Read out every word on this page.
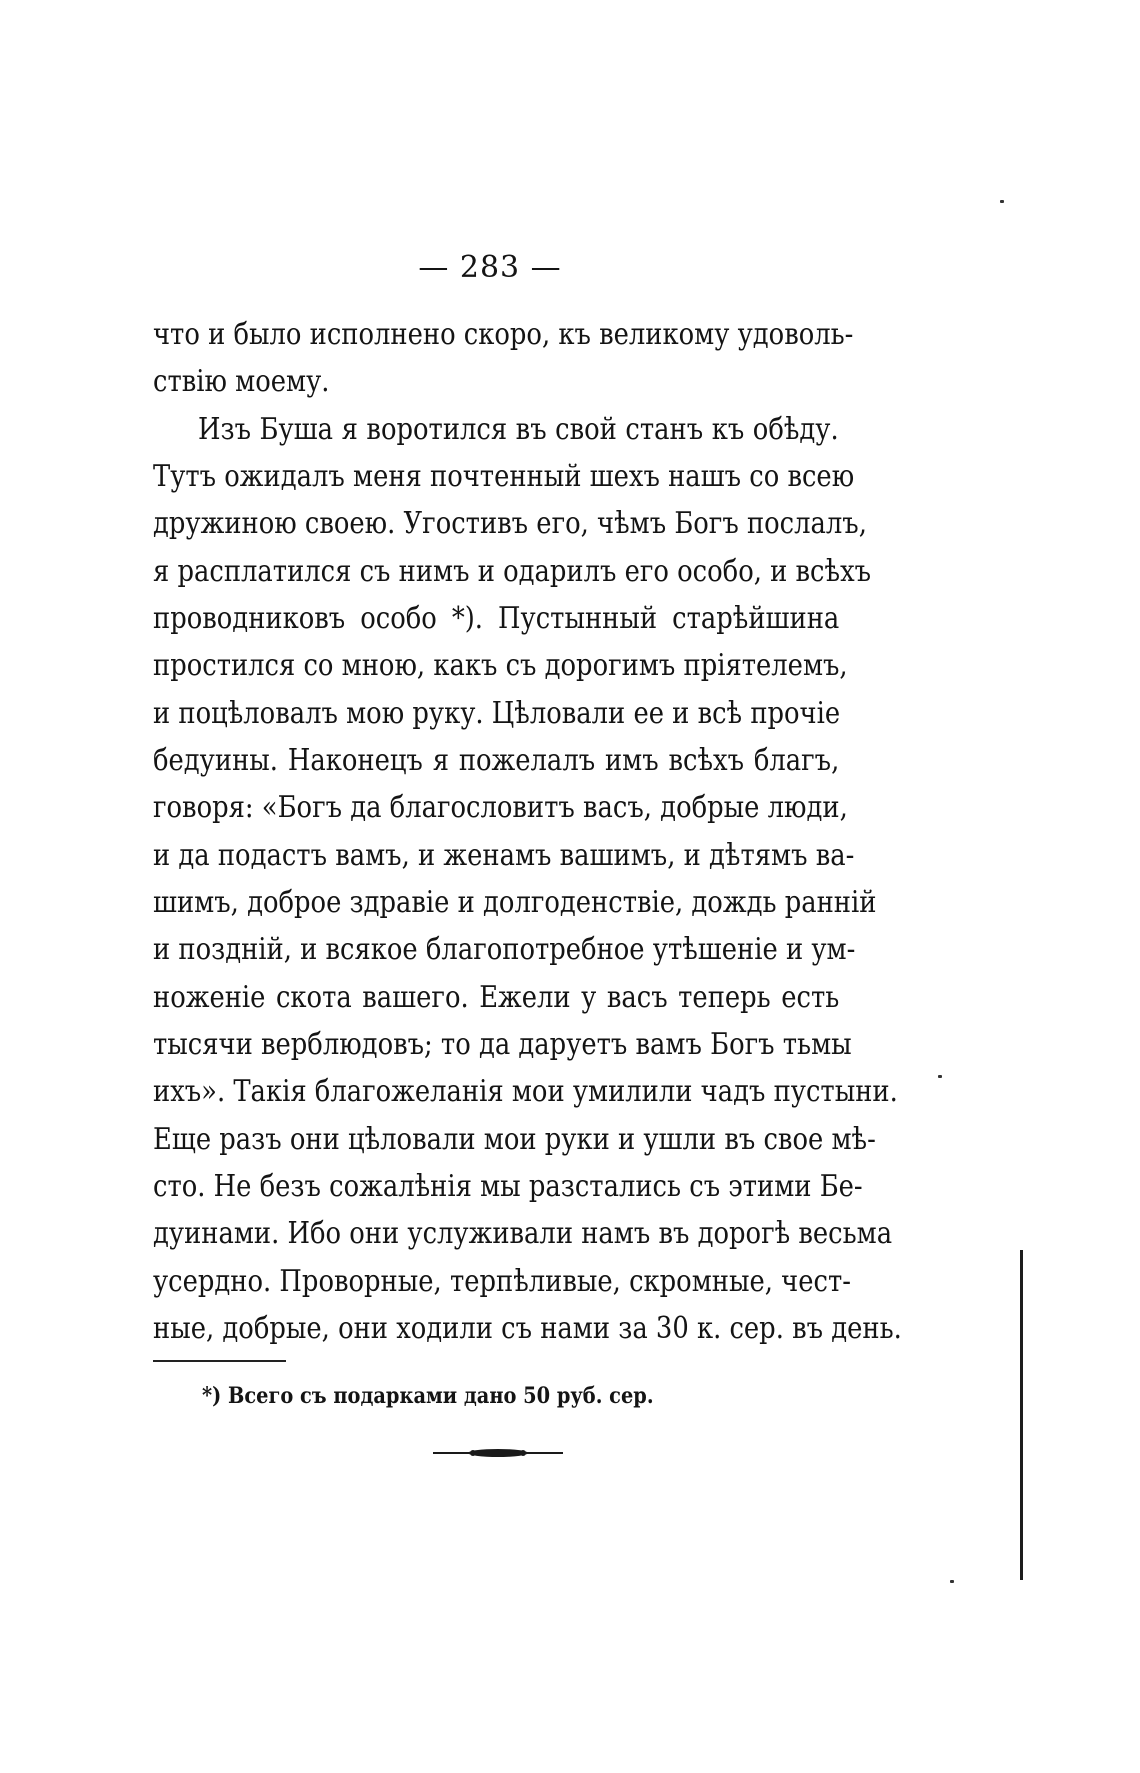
— 283 —
что и было исполнено скоро, къ великому удоволь-
ствію моему.
Изъ Буша я воротился въ свой станъ къ обѣду.
Тутъ ожидалъ меня почтенный шехъ нашъ со всею
дружиною своею. Угостивъ его, чѣмъ Богъ послалъ,
я расплатился съ нимъ и одарилъ его особо, и всѣхъ
проводниковъ особо *). Пустынный старѣйшина
простился со мною, какъ съ дорогимъ пріятелемъ,
и поцѣловалъ мою руку. Цѣловали ее и всѣ прочіе
бедуины. Наконецъ я пожелалъ имъ всѣхъ благъ,
говоря: «Богъ да благословитъ васъ, добрые люди,
и да подастъ вамъ, и женамъ вашимъ, и дѣтямъ ва-
шимъ, доброе здравіе и долгоденствіе, дождь ранній
и поздній, и всякое благопотребное утѣшеніе и ум-
ноженіе скота вашего. Ежели у васъ теперь есть
тысячи верблюдовъ; то да даруетъ вамъ Богъ тьмы
ихъ». Такія благожеланія мои умилили чадъ пустыни.
Еще разъ они цѣловали мои руки и ушли въ свое мѣ-
сто. Не безъ сожалѣнія мы разстались съ этими Бе-
дуинами. Ибо они услуживали намъ въ дорогѣ весьма
усердно. Проворные, терпѣливые, скромные, чест-
*) Всего съ подарками дано 50 руб. сер.
ные, добрые, они ходили съ нами за 30 к. сер. въ день.
